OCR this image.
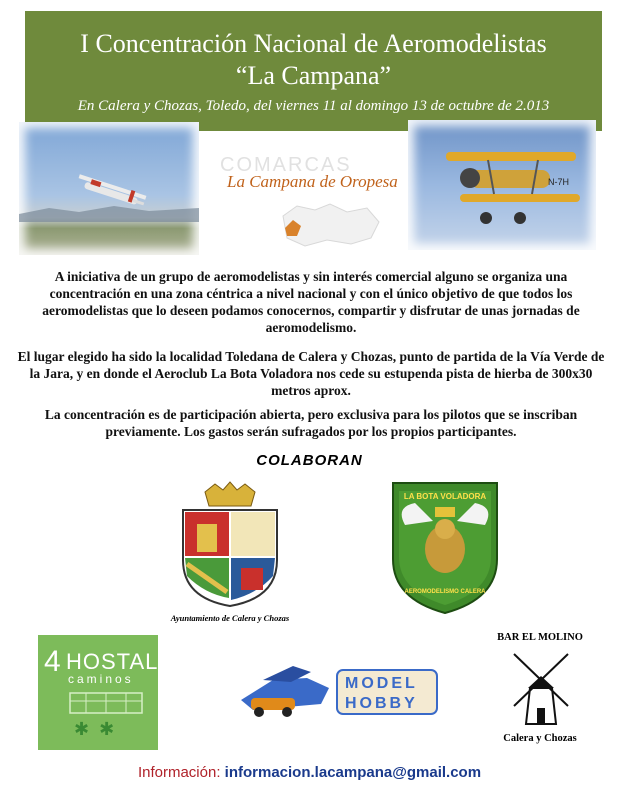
I Concentración Nacional de Aeromodelistas
“La Campana”
En Calera y Chozas, Toledo, del viernes 11 al domingo 13 de octubre de 2.013
COMARCAS
La Campana de Oropesa	N-7H
A iniciativa de un grupo de aeromodelistas y sin interés comercial alguno se organiza una concentración en una zona céntrica a nivel nacional y con el único objetivo de que todos los aeromodelistas que lo deseen podamos conocernos, compartir y disfrutar de unas jornadas de aeromodelismo.
El lugar elegido ha sido la localidad Toledana de Calera y Chozas, punto de partida de la Vía Verde de la Jara, y en donde el Aeroclub La Bota Voladora nos cede su estupenda pista de hierba de 300x30 metros aprox.
La concentración es de participación abierta, pero exclusiva para los pilotos que se inscriban previamente. Los gastos serán sufragados por los propios participantes.
COLABORAN
Ayuntamiento de Calera y Chozas
LA BOTA VOLADORA
AEROMODELISMO CALERA
4 HOSTAL
caminos
✱✱
MODEL
HOBBY
BAR EL MOLINO
Calera y Chozas
Información: informacion.lacampana@gmail.com
